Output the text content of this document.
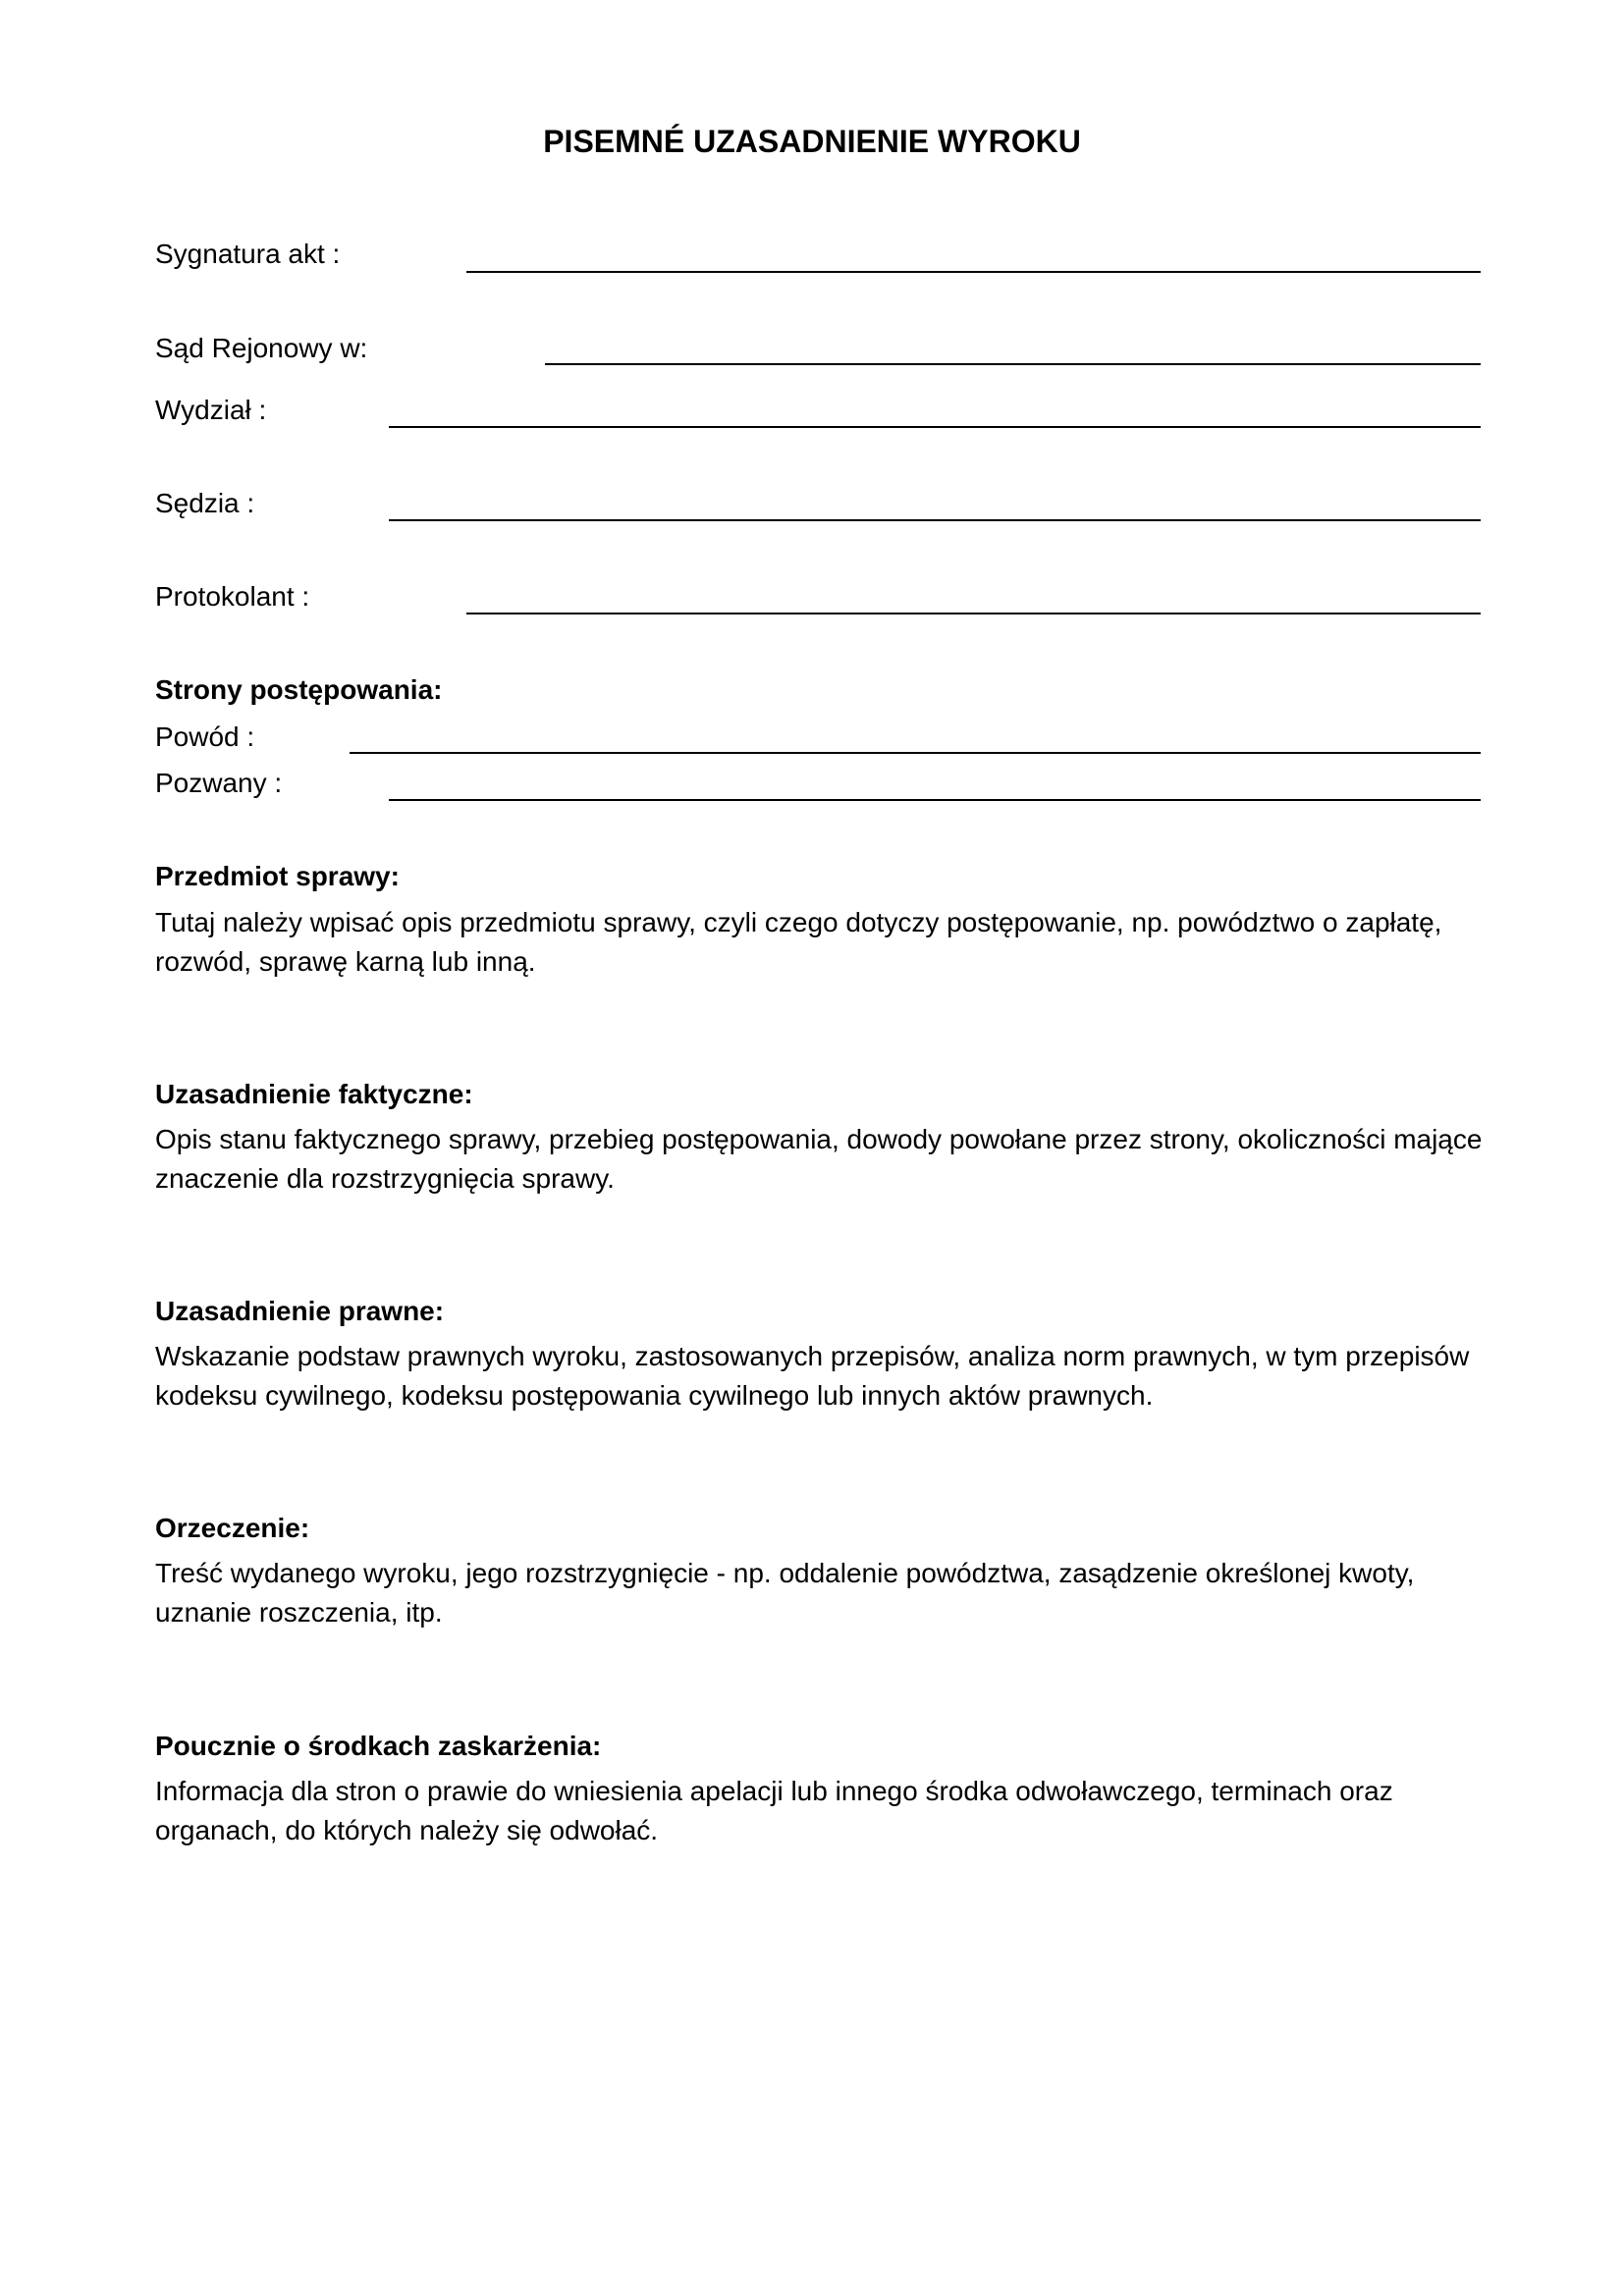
PISEMNÉ UZASADNIENIE WYROKU
Sygnatura akt :
Sąd Rejonowy w:
Wydział :
Sędzia :
Protokolant :
Strony postępowania:
Powód :
Pozwany :
Przedmiot sprawy:
Tutaj należy wpisać opis przedmiotu sprawy, czyli czego dotyczy postępowanie, np. powództwo o zapłatę, rozwód, sprawę karną lub inną.
Uzasadnienie faktyczne:
Opis stanu faktycznego sprawy, przebieg postępowania, dowody powołane przez strony, okoliczności mające znaczenie dla rozstrzygnięcia sprawy.
Uzasadnienie prawne:
Wskazanie podstaw prawnych wyroku, zastosowanych przepisów, analiza norm prawnych, w tym przepisów kodeksu cywilnego, kodeksu postępowania cywilnego lub innych aktów prawnych.
Orzeczenie:
Treść wydanego wyroku, jego rozstrzygnięcie - np. oddalenie powództwa, zasądzenie określonej kwoty, uznanie roszczenia, itp.
Poucznie o środkach zaskarżenia:
Informacja dla stron o prawie do wniesienia apelacji lub innego środka odwoławczego, terminach oraz organach, do których należy się odwołać.
